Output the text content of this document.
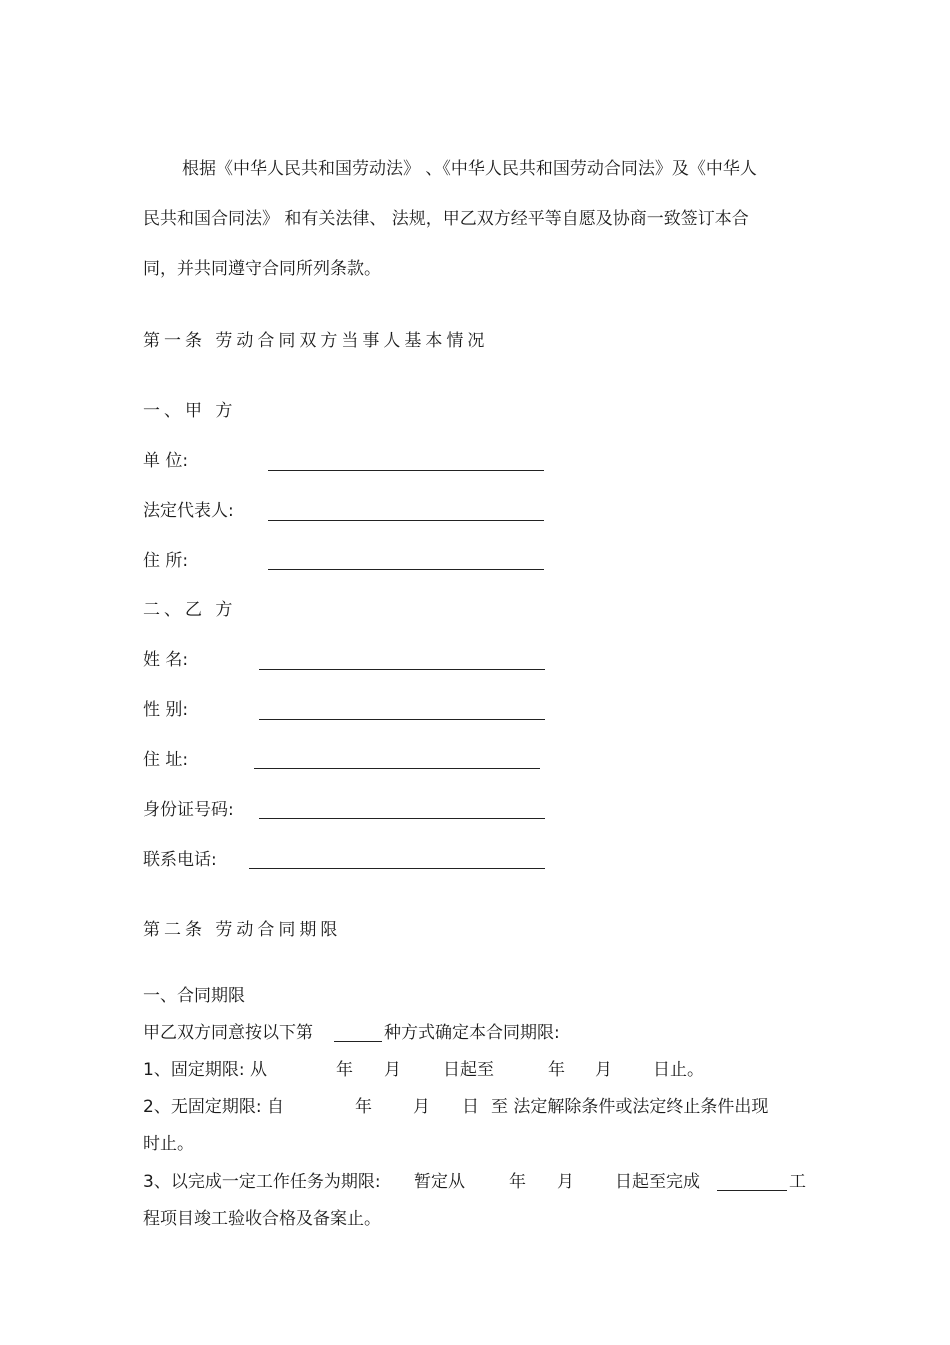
根据《中华人民共和国劳动法》 、《中华人民共和国劳动合同法》及《中华人
民共和国合同法》 和有关法律、 法规，甲乙双方经平等自愿及协商一致签订本合
同，并共同遵守合同所列条款。
第一条 劳动合同双方当事人基本情况
一、甲 方
单 位:
法定代表人:
住 所:
二、乙 方
姓 名:
性 别:
住 址:
身份证号码:
联系电话:
第二条 劳动合同期限
一、合同期限
甲乙双方同意按以下第	种方式确定本合同期限:
1、固定期限: 从	年 月 日起至	年 月 日止。
2、无固定期限: 自	年 月 日 至 法定解除条件或法定终止条件出现
时止。
3、以完成一定工作任务为期限: 暂定从	年 月 日起至完成	工
程项目竣工验收合格及备案止。
